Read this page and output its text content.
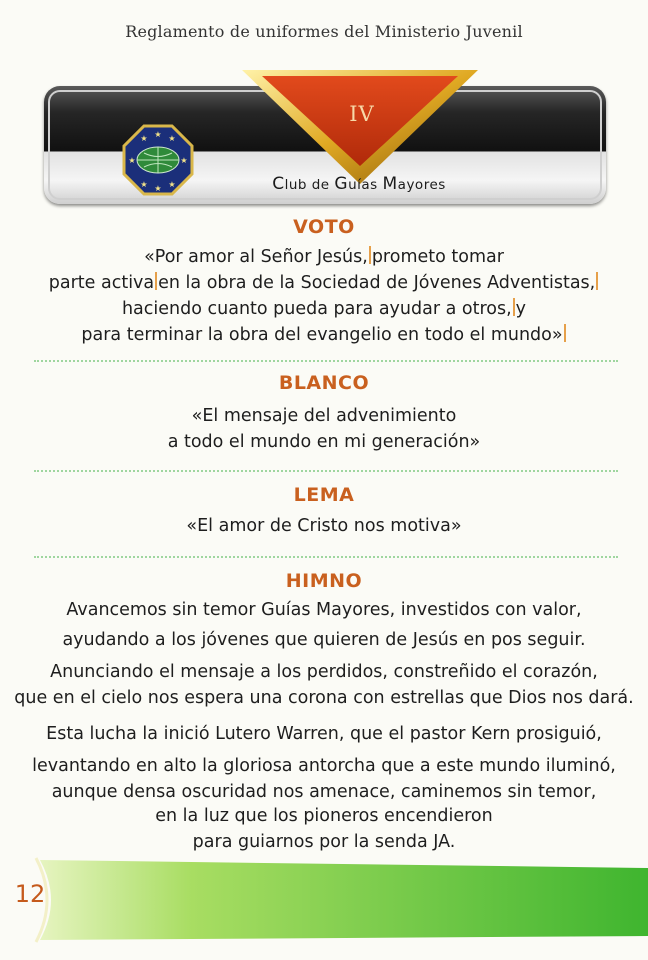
Reglamento de uniformes del Ministerio Juvenil
IV
★ ★ ★
★ ★ ★
★	★
Club de Guías Mayores
VOTO
«Por amor al Señor Jesús, prometo tomar
parte activa en la obra de la Sociedad de Jóvenes Adventistas,
haciendo cuanto pueda para ayudar a otros, y
para terminar la obra del evangelio en todo el mundo»
BLANCO
«El mensaje del advenimiento
a todo el mundo en mi generación»
LEMA
«El amor de Cristo nos motiva»
HIMNO
Avancemos sin temor Guías Mayores, investidos con valor,
ayudando a los jóvenes que quieren de Jesús en pos seguir.
Anunciando el mensaje a los perdidos, constreñido el corazón,
que en el cielo nos espera una corona con estrellas que Dios nos dará.
Esta lucha la inició Lutero Warren, que el pastor Kern prosiguió,
levantando en alto la gloriosa antorcha que a este mundo iluminó,
aunque densa oscuridad nos amenace, caminemos sin temor,
en la luz que los pioneros encendieron
para guiarnos por la senda JA.
12
